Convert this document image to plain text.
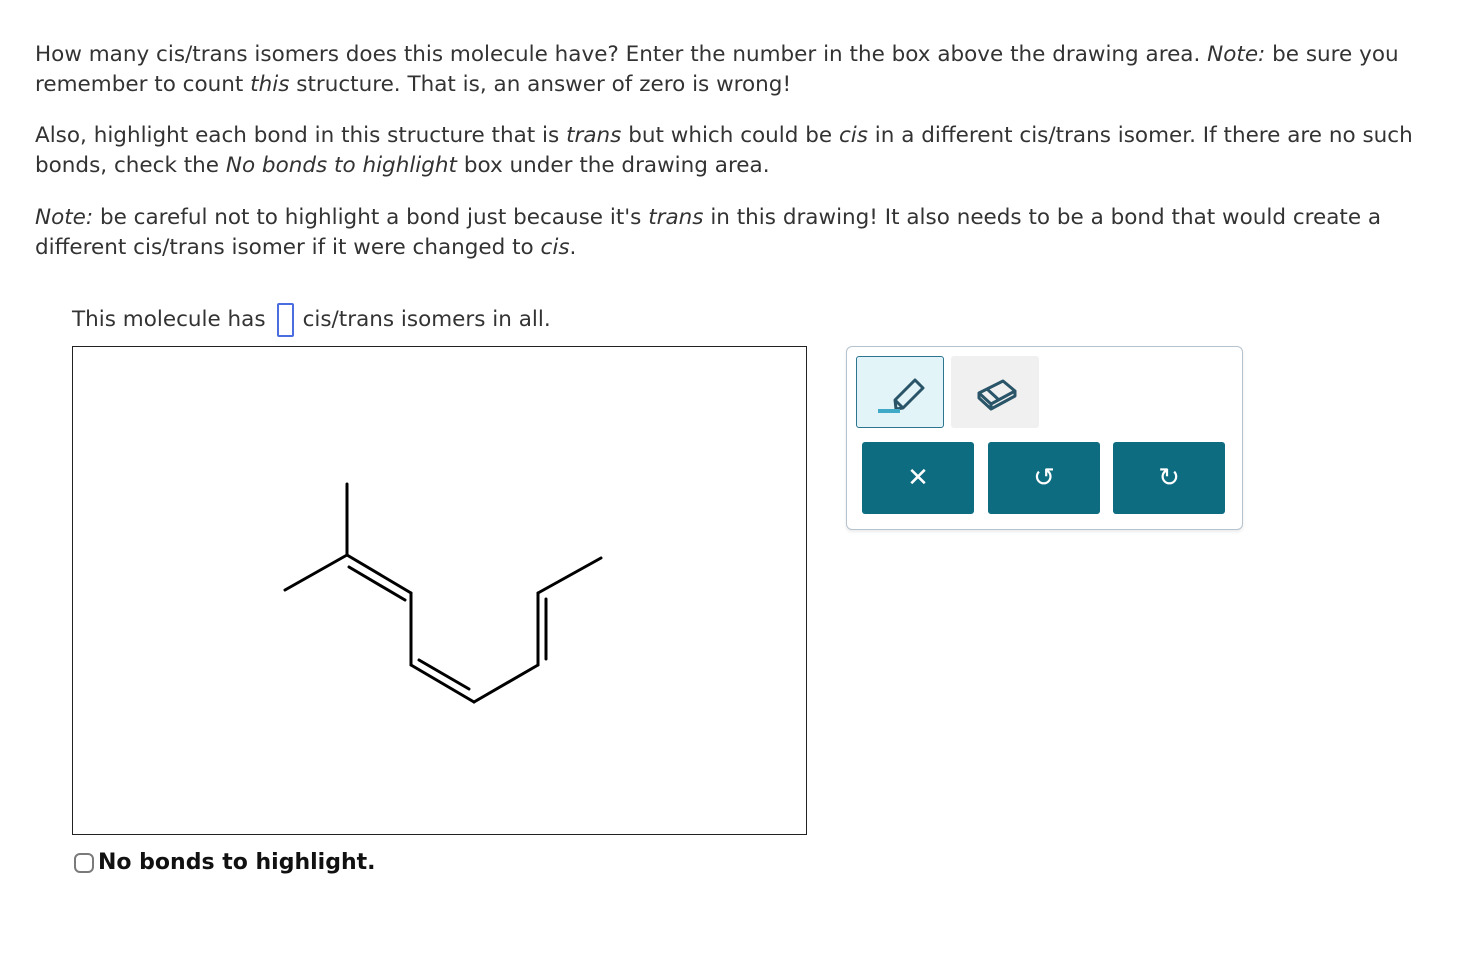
How many cis/trans isomers does this molecule have? Enter the number in the box above the drawing area. Note: be sure you remember to count this structure. That is, an answer of zero is wrong!

Also, highlight each bond in this structure that is trans but which could be cis in a different cis/trans isomer. If there are no such bonds, check the No bonds to highlight box under the drawing area.

Note: be careful not to highlight a bond just because it's trans in this drawing! It also needs to be a bond that would create a different cis/trans isomer if it were changed to cis.

This molecule has cis/trans isomers in all.
✕	↺	↻
No bonds to highlight.
